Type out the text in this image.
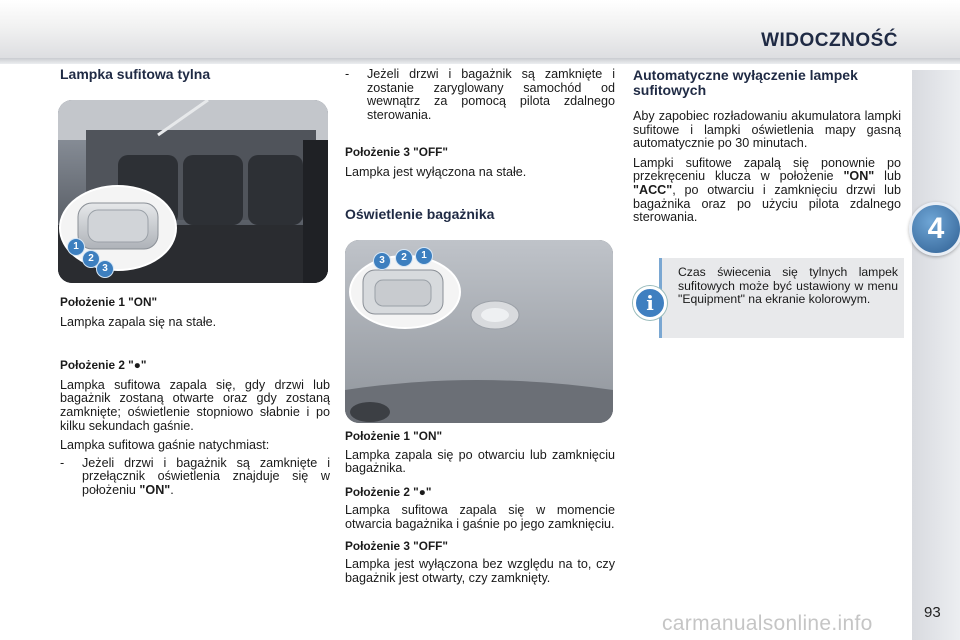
WIDOCZNOŚĆ
4

Lampka sufitowa tylna

1
2
3

Położenie 1 "ON"

Lampka zapala się na stałe.

Położenie 2 "●"

Lampka sufitowa zapala się, gdy drzwi lub bagażnik zostaną otwarte oraz gdy zostaną zamknięte; oświetlenie stopniowo słabnie i po kilku sekundach gaśnie.

Lampka sufitowa gaśnie natychmiast:

-	Jeżeli drzwi i bagażnik są zamknięte i przełącznik oświetlenia znajduje się w położeniu "ON".
-	Jeżeli drzwi i bagażnik są zamknięte i zostanie zaryglowany samochód od wewnątrz za pomocą pilota zdalnego sterowania.

Położenie 3 "OFF"

Lampka jest wyłączona na stałe.

Oświetlenie bagażnika

3	2	1

Położenie 1 "ON"

Lampka zapala się po otwarciu lub zamknięciu bagażnika.

Położenie 2 "●"

Lampka sufitowa zapala się w momencie otwarcia bagażnika i gaśnie po jego zamknięciu.

Położenie 3 "OFF"

Lampka jest wyłączona bez względu na to, czy bagażnik jest otwarty, czy zamknięty.

Automatyczne wyłączenie lampek sufitowych

Aby zapobiec rozładowaniu akumulatora lampki sufitowe i lampki oświetlenia mapy gasną automatycznie po 30 minutach.

Lampki sufitowe zapalą się ponownie po przekręceniu klucza w położenie "ON" lub "ACC", po otwarciu i zamknięciu drzwi lub bagażnika oraz po użyciu pilota zdalnego sterowania.

Czas świecenia się tylnych lampek sufitowych może być ustawiony w menu "Equipment" na ekranie kolorowym.

i
93
carmanualsonline.info
